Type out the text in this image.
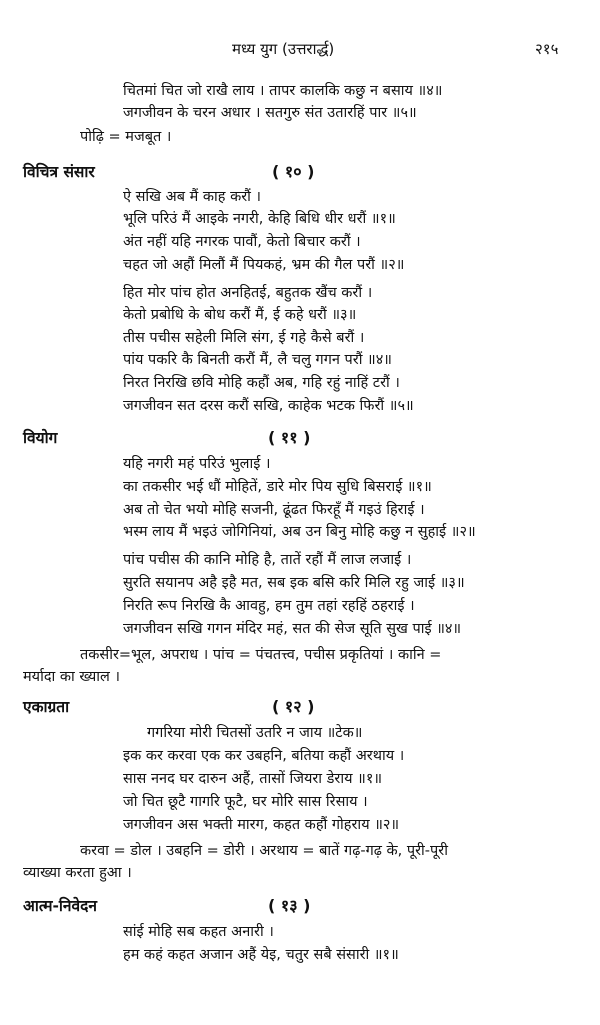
मध्य युग (उत्तरार्द्ध)	२१५
चितमां चित जो राखै लाय । तापर कालकि कछु न बसाय ॥४॥
जगजीवन के चरन अधार । सतगुरु संत उतारहिं पार ॥५॥
पोढ़ि = मजबूत ।
विचित्र संसार	( १० )
ऐ सखि अब मैं काह करौं ।
भूलि परिउं मैं आइके नगरी, केहि बिधि धीर धरौं ॥१॥
अंत नहीं यहि नगरक पावौं, केतो बिचार करौं ।
चहत जो अहौं मिलौं मैं पियकहं, भ्रम की गैल परौं ॥२॥
हित मोर पांच होत अनहितई, बहुतक खैंच करौं ।
केतो प्रबोधि के बोध करौं मैं, ई कहे धरौं ॥३॥
तीस पचीस सहेली मिलि संग, ई गहे कैसे बरौं ।
पांय पकरि कै बिनती करौं मैं, लै चलु गगन परौं ॥४॥
निरत निरखि छवि मोहि कहौं अब, गहि रहुं नाहिं टरौं ।
जगजीवन सत दरस करौं सखि, काहेक भटक फिरौं ॥५॥
वियोग	( ११ )
यहि नगरी महं परिउं भुलाई ।
का तकसीर भई धौं मोहितें, डारे मोर पिय सुधि बिसराई ॥१॥
अब तो चेत भयो मोहि सजनी, ढूंढत फिरहूँ मैं गइउं हिराई ।
भस्म लाय मैं भइउं जोगिनियां, अब उन बिनु मोहि कछु न सुहाई ॥२॥
पांच पचीस की कानि मोहि है, तातें रहौं मैं लाज लजाई ।
सुरति सयानप अहै इहै मत, सब इक बसि करि मिलि रहु जाई ॥३॥
निरति रूप निरखि कै आवहु, हम तुम तहां रहहिं ठहराई ।
जगजीवन सखि गगन मंदिर महं, सत की सेज सूति सुख पाई ॥४॥
तकसीर=भूल, अपराध । पांच = पंचतत्त्व, पचीस प्रकृतियां । कानि =
मर्यादा का ख्याल ।
एकाग्रता	( १२ )
गगरिया मोरी चितसों उतरि न जाय ॥टेक॥
इक कर करवा एक कर उबहनि, बतिया कहौं अरथाय ।
सास ननद घर दारुन अहैं, तासों जियरा डेराय ॥१॥
जो चित छूटै गागरि फूटै, घर मोरि सास रिसाय ।
जगजीवन अस भक्ती मारग, कहत कहौं गोहराय ॥२॥
करवा = डोल । उबहनि = डोरी । अरथाय = बातें गढ़-गढ़ के, पूरी-पूरी
व्याख्या करता हुआ ।
आत्म-निवेदन	( १३ )
सांई मोहि सब कहत अनारी ।
हम कहं कहत अजान अहैं येइ, चतुर सबै संसारी ॥१॥
